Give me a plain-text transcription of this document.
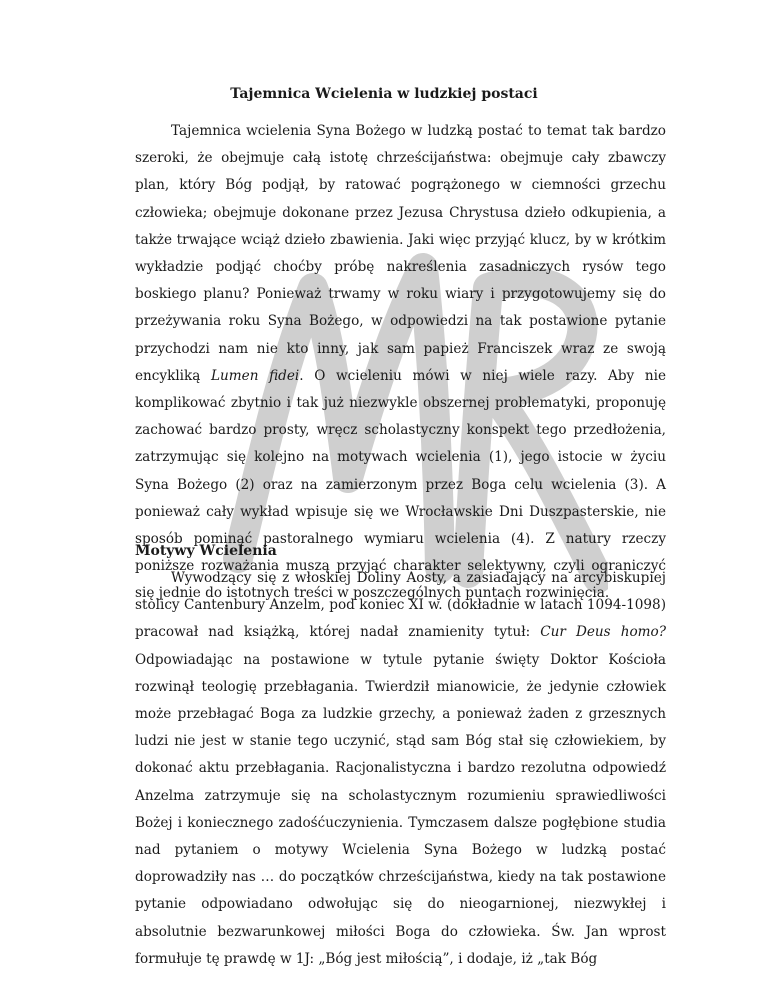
Tajemnica Wcielenia w ludzkiej postaci

Tajemnica wcielenia Syna Bożego w ludzką postać to temat tak bardzo szeroki, że obejmuje całą istotę chrześcijaństwa: obejmuje cały zbawczy plan, który Bóg podjął, by ratować pogrążonego w ciemności grzechu człowieka; obejmuje dokonane przez Jezusa Chrystusa dzieło odkupienia, a także trwające wciąż dzieło zbawienia. Jaki więc przyjąć klucz, by w krótkim wykładzie podjąć choćby próbę nakreślenia zasadniczych rysów tego boskiego planu? Ponieważ trwamy w roku wiary i przygotowujemy się do przeżywania roku Syna Bożego, w odpowiedzi na tak postawione pytanie przychodzi nam nie kto inny, jak sam papież Franciszek wraz ze swoją encykliką Lumen fidei. O wcieleniu mówi w niej wiele razy. Aby nie komplikować zbytnio i tak już niezwykle obszernej problematyki, proponuję zachować bardzo prosty, wręcz scholastyczny konspekt tego przedłożenia, zatrzymując się kolejno na motywach wcielenia (1), jego istocie w życiu Syna Bożego (2) oraz na zamierzonym przez Boga celu wcielenia (3). A ponieważ cały wykład wpisuje się we Wrocławskie Dni Duszpasterskie, nie sposób pominąć pastoralnego wymiaru wcielenia (4). Z natury rzeczy poniższe rozważania muszą przyjąć charakter selektywny, czyli ograniczyć się jednie do istotnych treści w poszczególnych puntach rozwinięcia.

Motywy Wcielenia

Wywodzący się z włoskiej Doliny Aosty, a zasiadający na arcybiskupiej stolicy Cantenbury Anzelm, pod koniec XI w. (dokładnie w latach 1094-1098) pracował nad książką, której nadał znamienity tytuł: Cur Deus homo? Odpowiadając na postawione w tytule pytanie święty Doktor Kościoła rozwinął teologię przebłagania. Twierdził mianowicie, że jedynie człowiek może przebłagać Boga za ludzkie grzechy, a ponieważ żaden z grzesznych ludzi nie jest w stanie tego uczynić, stąd sam Bóg stał się człowiekiem, by dokonać aktu przebłagania. Racjonalistyczna i bardzo rezolutna odpowiedź Anzelma zatrzymuje się na scholastycznym rozumieniu sprawiedliwości Bożej i koniecznego zadośćuczynienia. Tymczasem dalsze pogłębione studia nad pytaniem o motywy Wcielenia Syna Bożego w ludzką postać doprowadziły nas … do początków chrześcijaństwa, kiedy na tak postawione pytanie odpowiadano odwołując się do nieogarnionej, niezwykłej i absolutnie bezwarunkowej miłości Boga do człowieka. Św. Jan wprost formułuje tę prawdę w 1J: „Bóg jest miłością”, i dodaje, iż „tak Bóg
